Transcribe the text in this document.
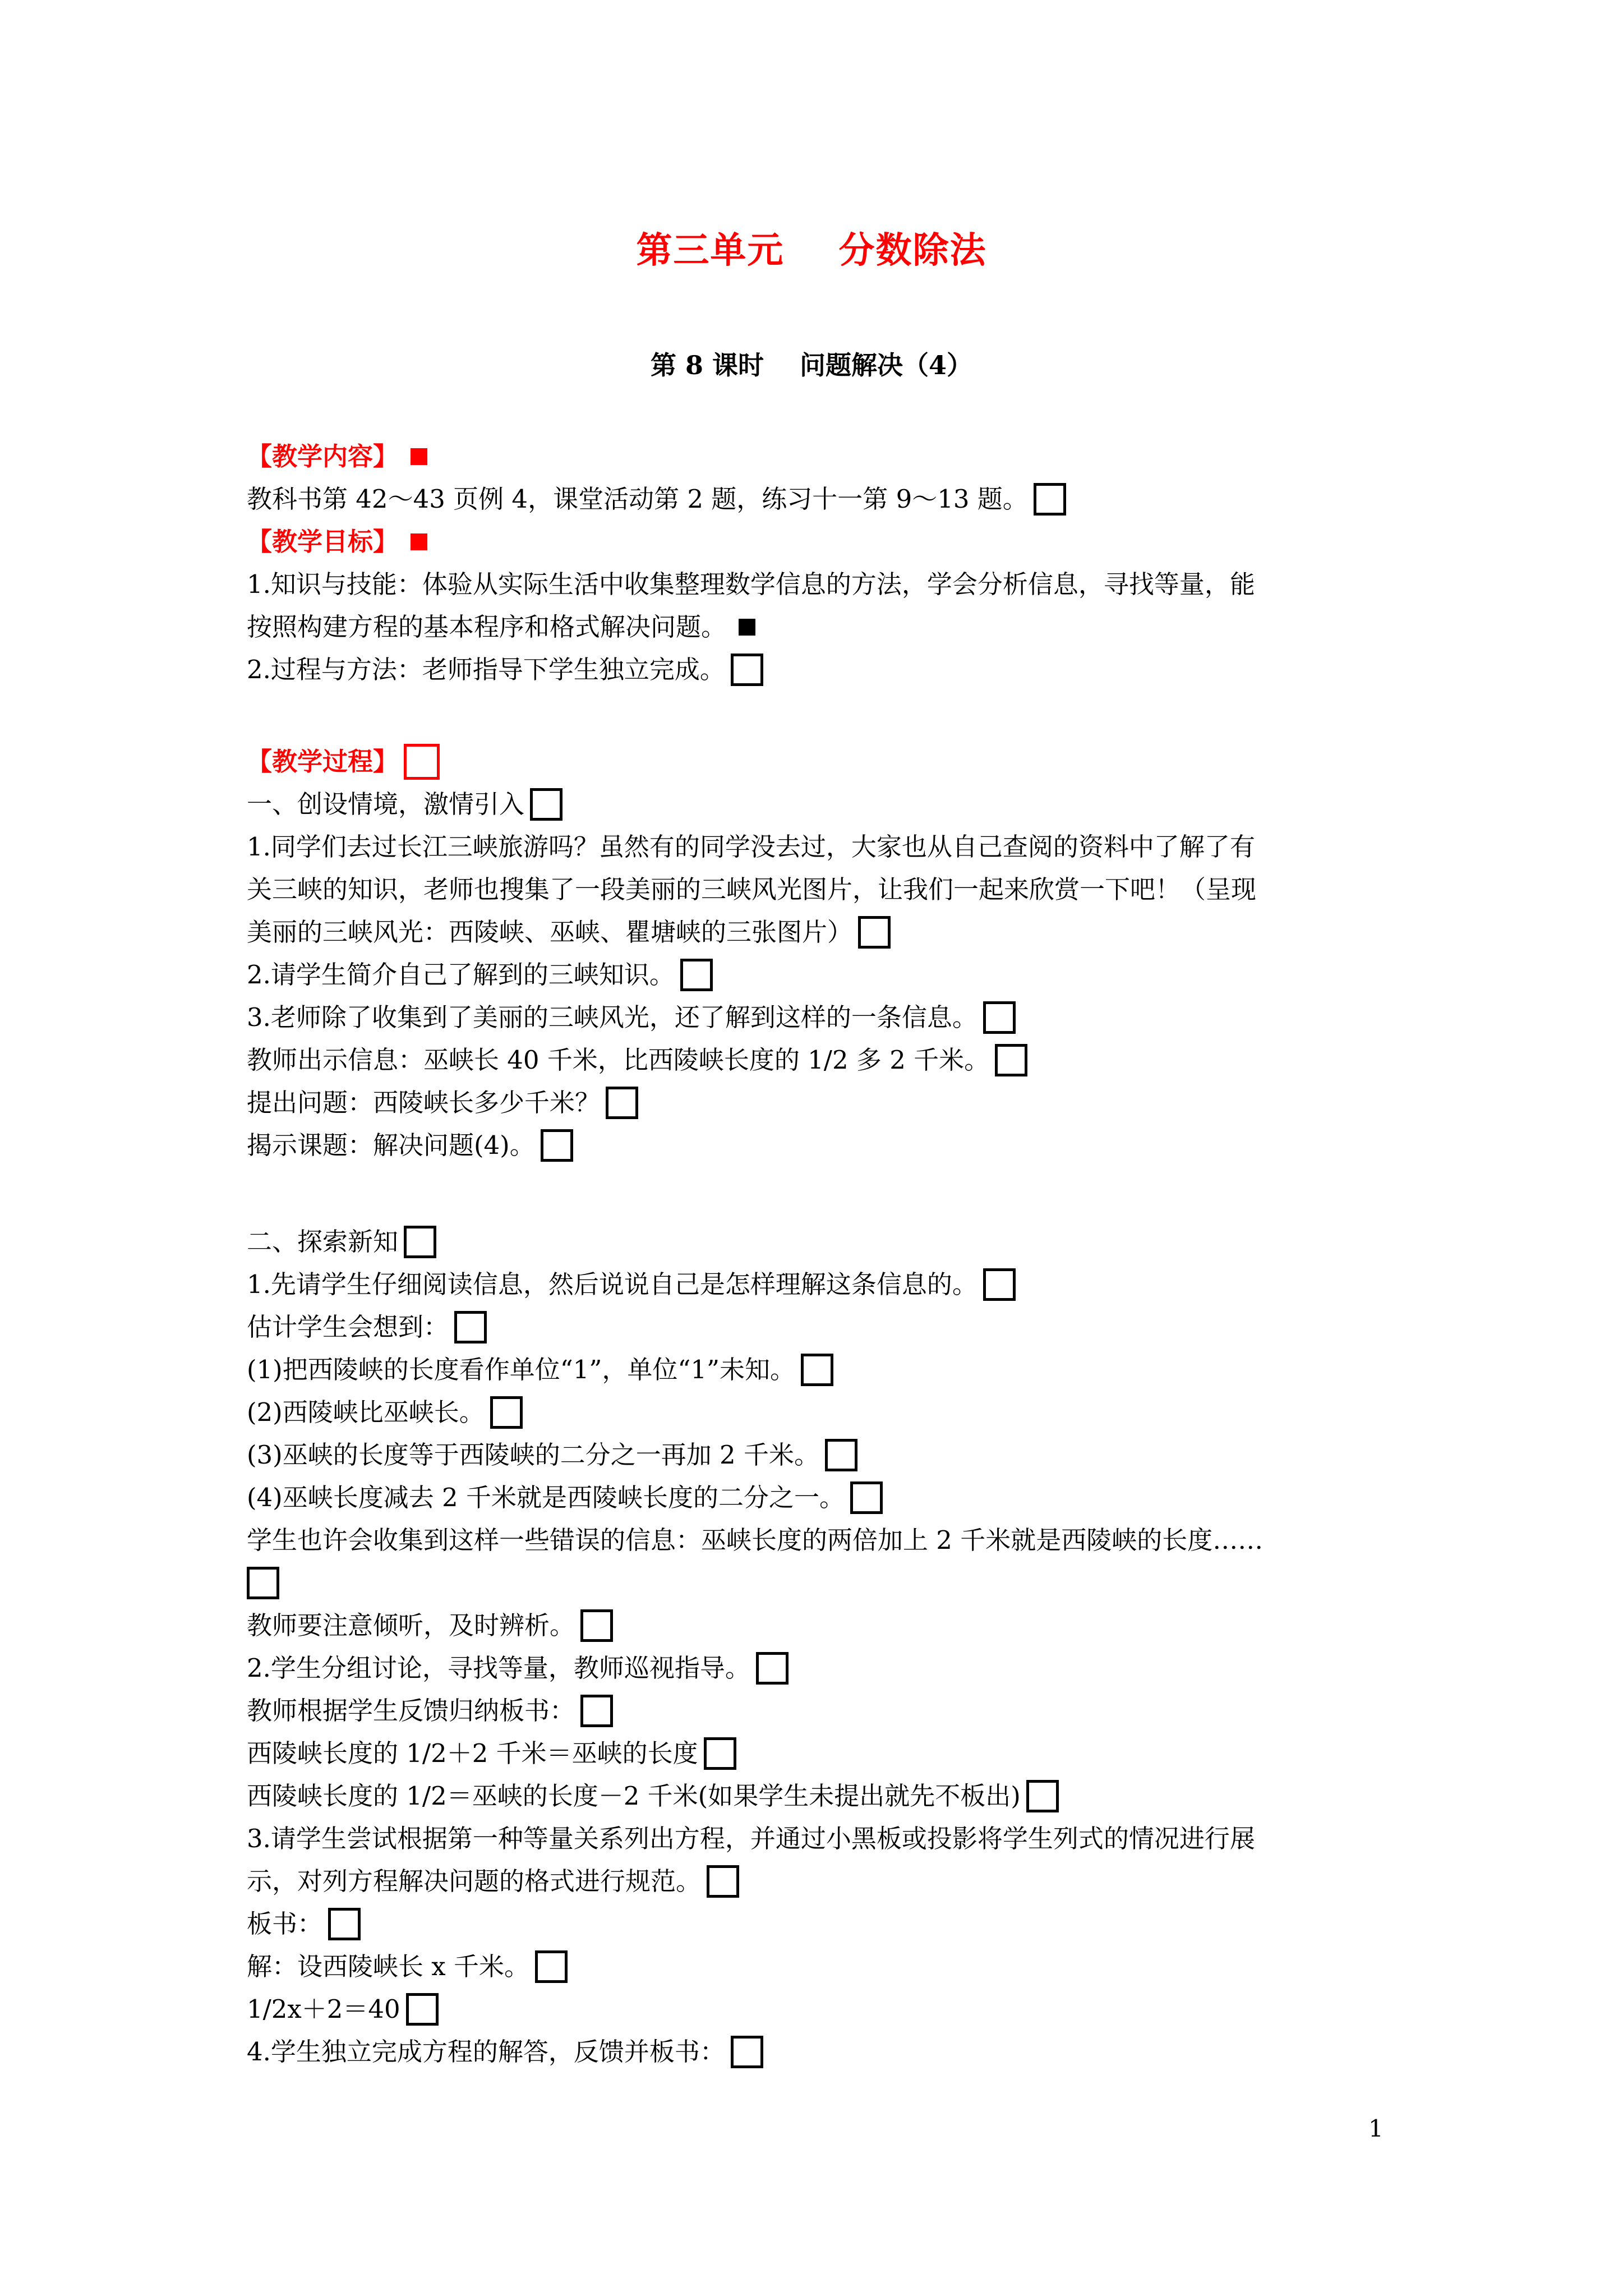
第三单元    分数除法
第 8 课时    问题解决（4）
【教学内容】
教科书第 42～43 页例 4，课堂活动第 2 题，练习十一第 9～13 题。
【教学目标】
1.知识与技能：体验从实际生活中收集整理数学信息的方法，学会分析信息，寻找等量，能
按照构建方程的基本程序和格式解决问题。
2.过程与方法：老师指导下学生独立完成。
【教学过程】
一、创设情境，激情引入
1.同学们去过长江三峡旅游吗？虽然有的同学没去过，大家也从自己查阅的资料中了解了有
关三峡的知识，老师也搜集了一段美丽的三峡风光图片，让我们一起来欣赏一下吧！（呈现
美丽的三峡风光：西陵峡、巫峡、瞿塘峡的三张图片）
2.请学生简介自己了解到的三峡知识。
3.老师除了收集到了美丽的三峡风光，还了解到这样的一条信息。
教师出示信息：巫峡长 40 千米，比西陵峡长度的 1/2 多 2 千米。
提出问题：西陵峡长多少千米？
揭示课题：解决问题(4)。
二、探索新知
1.先请学生仔细阅读信息，然后说说自己是怎样理解这条信息的。
估计学生会想到：
(1)把西陵峡的长度看作单位“1”，单位“1”未知。
(2)西陵峡比巫峡长。
(3)巫峡的长度等于西陵峡的二分之一再加 2 千米。
(4)巫峡长度减去 2 千米就是西陵峡长度的二分之一。
学生也许会收集到这样一些错误的信息：巫峡长度的两倍加上 2 千米就是西陵峡的长度……
教师要注意倾听，及时辨析。
2.学生分组讨论，寻找等量，教师巡视指导。
教师根据学生反馈归纳板书：
西陵峡长度的 1/2＋2 千米＝巫峡的长度
西陵峡长度的 1/2＝巫峡的长度－2 千米(如果学生未提出就先不板出)
3.请学生尝试根据第一种等量关系列出方程，并通过小黑板或投影将学生列式的情况进行展
示，对列方程解决问题的格式进行规范。
板书：
解：设西陵峡长 x 千米。
1/2x＋2＝40
4.学生独立完成方程的解答，反馈并板书：
1
